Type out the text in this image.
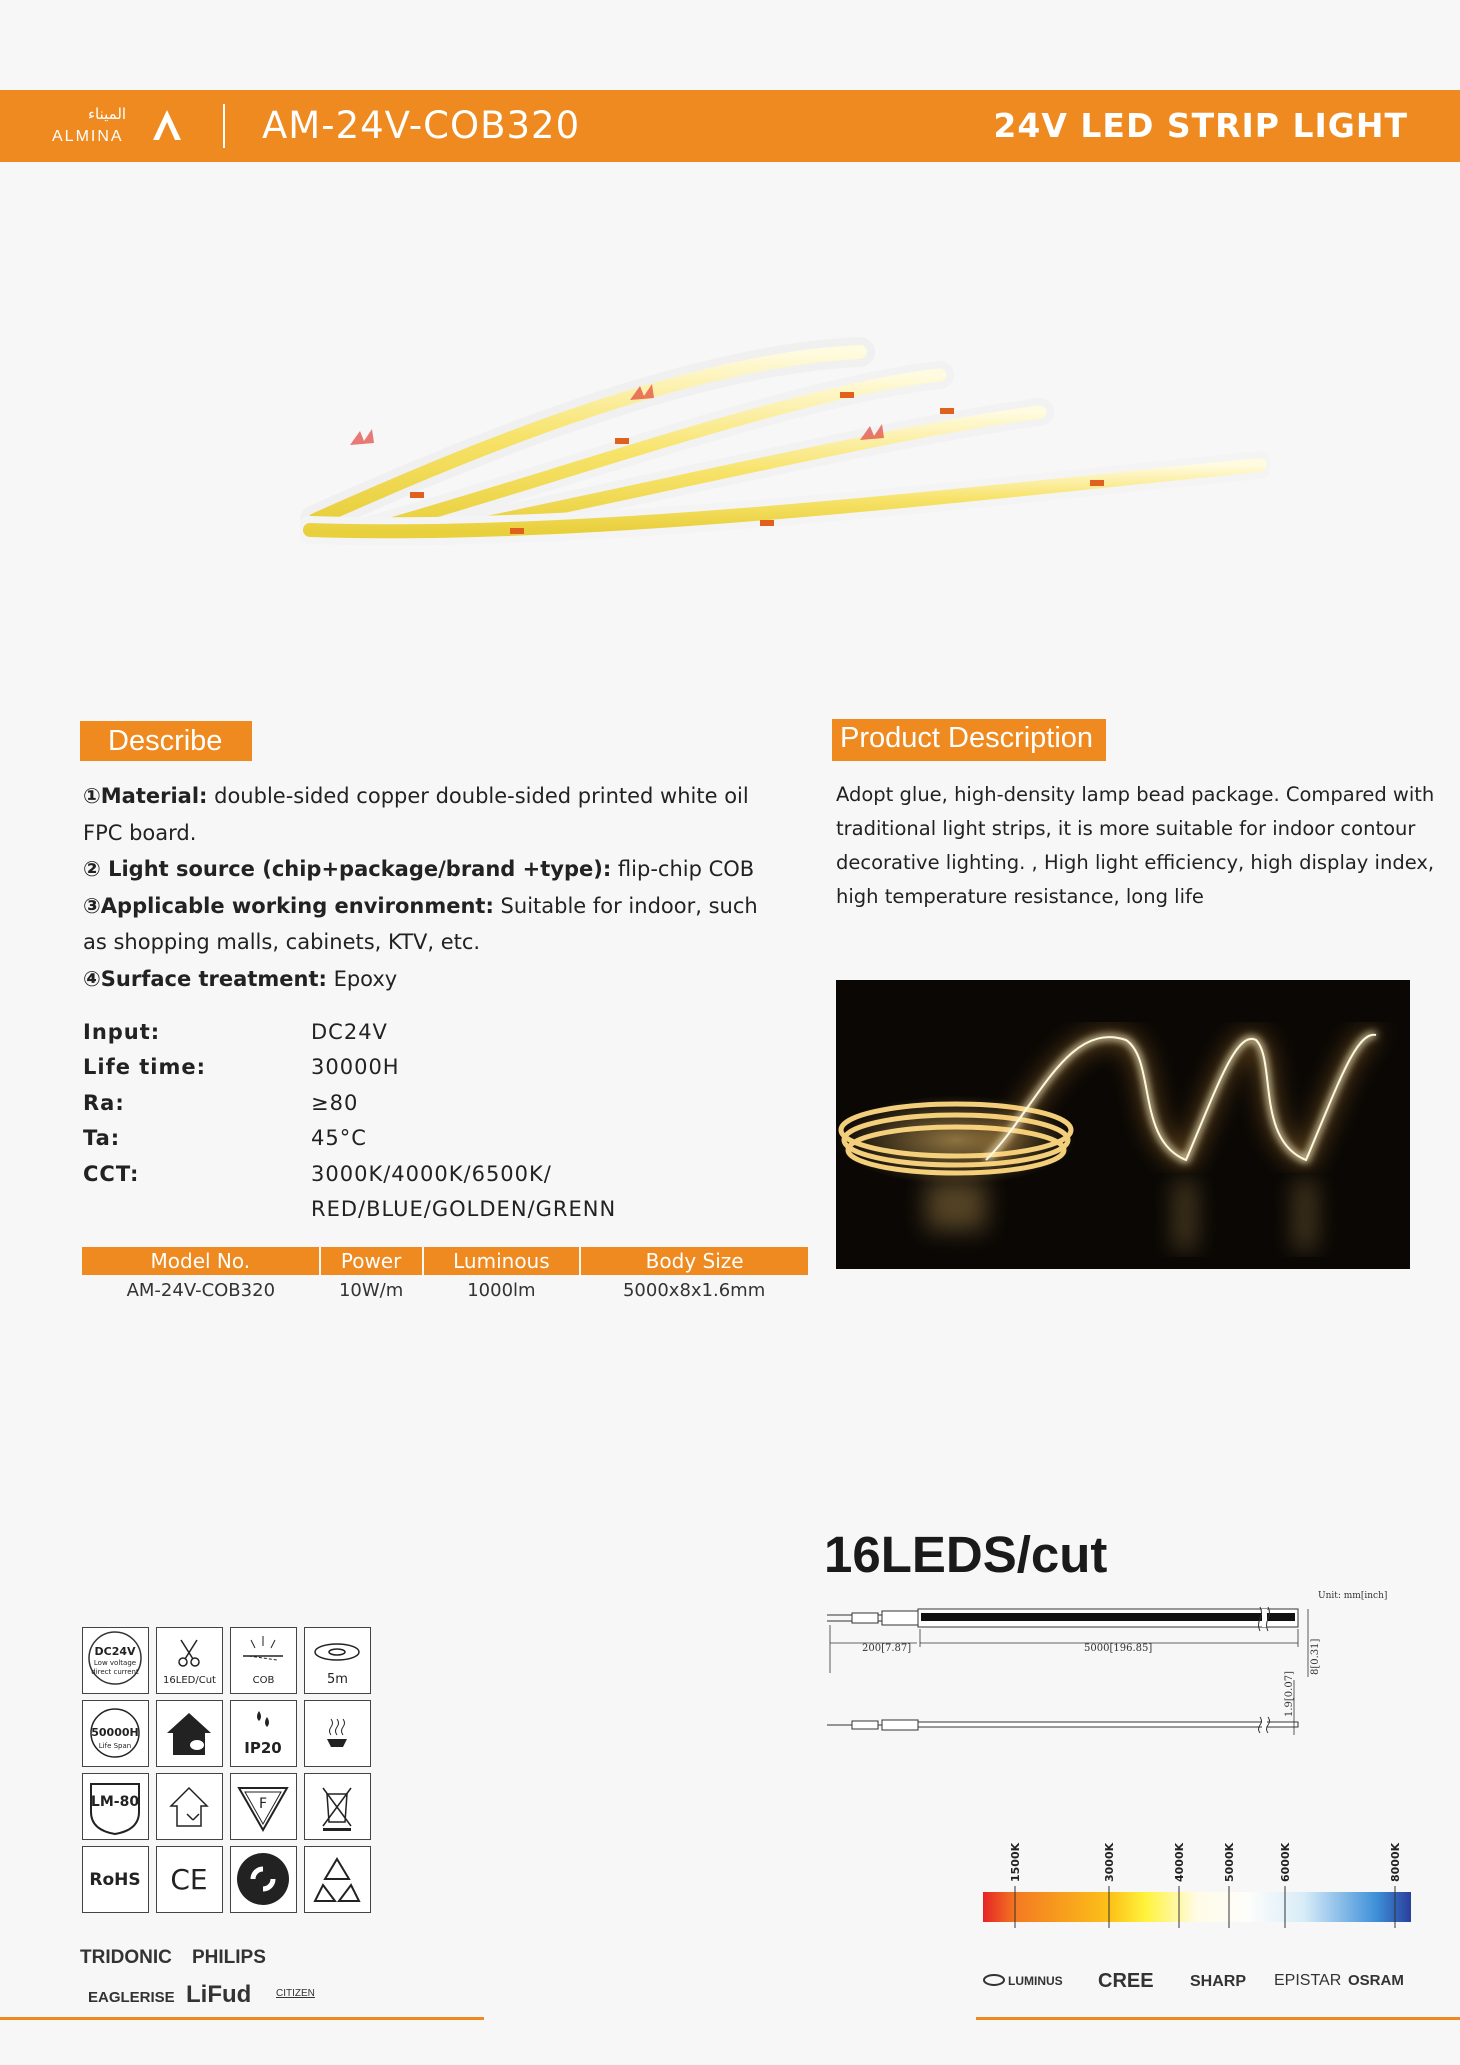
الميناء
ALMINA	AM-24V-COB320	24V LED STRIP LIGHT
Describe
①Material: double-sided copper double-sided printed white oil FPC board.
② Light source (chip+package/brand +type): flip-chip COB
③Applicable working environment: Suitable for indoor, such as shopping malls, cabinets, KTV, etc.
④Surface treatment: Epoxy
Input:	DC24V
Life time:	30000H
Ra:	≥80
Ta:	45°C
CCT:	3000K/4000K/6500K/
RED/BLUE/GOLDEN/GRENN
Model No.	Power	Luminous	Body Size
AM-24V-COB320	10W/m	1000lm	5000x8x1.6mm
Product Description
Adopt glue, high-density lamp bead package. Compared with traditional light strips, it is more suitable for indoor contour decorative lighting. , High light efficiency, high display index, high temperature resistance, long life
16LEDS/cut
Unit: mm[inch]
200[7.87]	5000[196.85]	8[0.31]
1.9[0.07]
DC24V
Low voltage
direct current
16LED/Cut	COB	5m
50000H
Life Span	IP20
LM-80	F
RoHS CE	1500K	3000K	4000K	5000K	6000K	8000K
TRIDONIC PHILIPS
EAGLERISE LiFud CITIZEN
LUMINUS CREE SHARP EPISTAR OSRAM
